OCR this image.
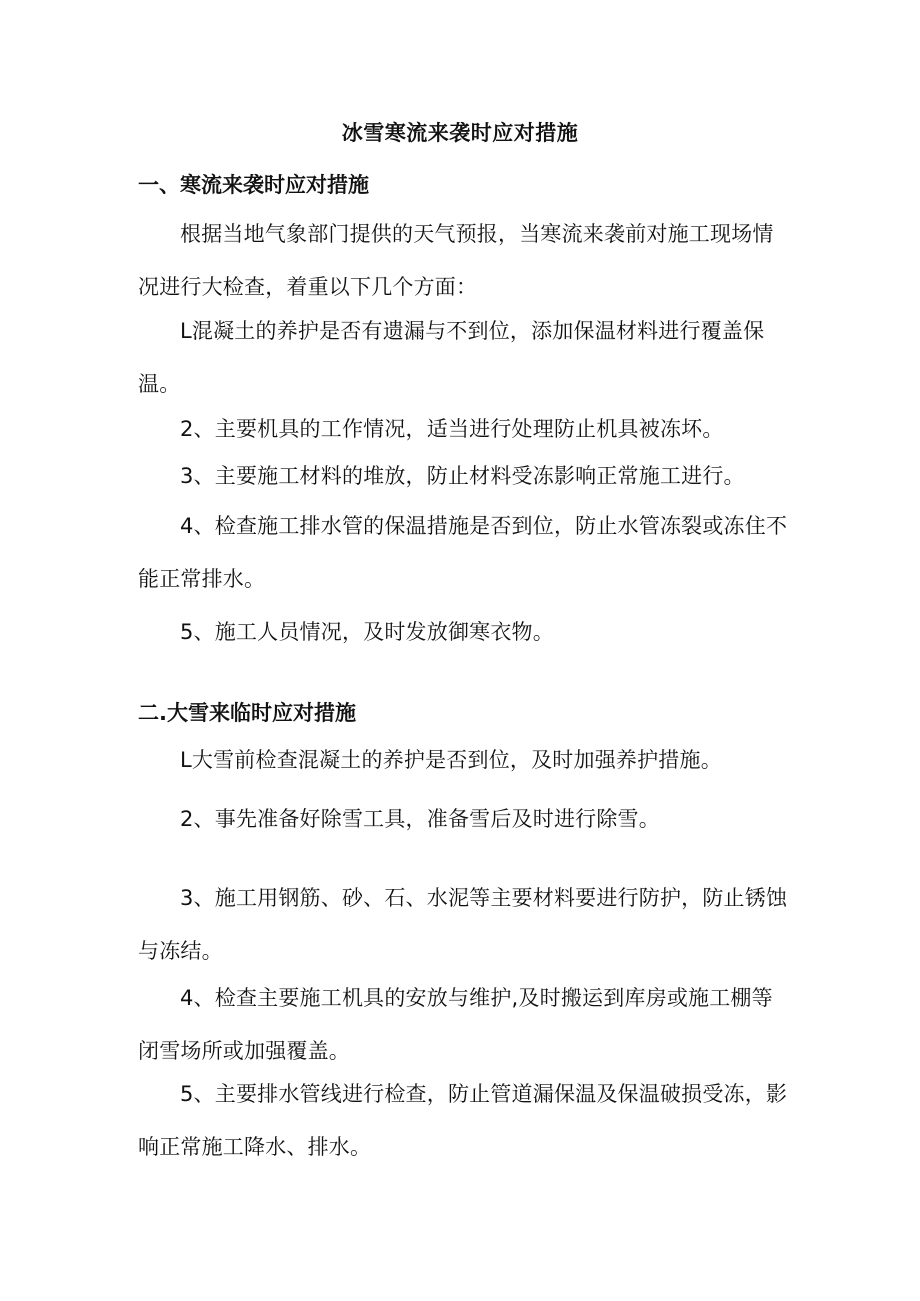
冰雪寒流来袭时应对措施
一、寒流来袭时应对措施

根据当地气象部门提供的天气预报，当寒流来袭前对施工现场情况进行大检查，着重以下几个方面：

L混凝土的养护是否有遗漏与不到位，添加保温材料进行覆盖保温。

2、主要机具的工作情况，适当进行处理防止机具被冻坏。

3、主要施工材料的堆放，防止材料受冻影响正常施工进行。

4、检查施工排水管的保温措施是否到位，防止水管冻裂或冻住不能正常排水。

5、施工人员情况，及时发放御寒衣物。

二.大雪来临时应对措施

L大雪前检查混凝土的养护是否到位，及时加强养护措施。

2、事先准备好除雪工具，准备雪后及时进行除雪。

3、施工用钢筋、砂、石、水泥等主要材料要进行防护，防止锈蚀与冻结。

4、检查主要施工机具的安放与维护,及时搬运到库房或施工棚等闭雪场所或加强覆盖。

5、主要排水管线进行检查，防止管道漏保温及保温破损受冻，影响正常施工降水、排水。
